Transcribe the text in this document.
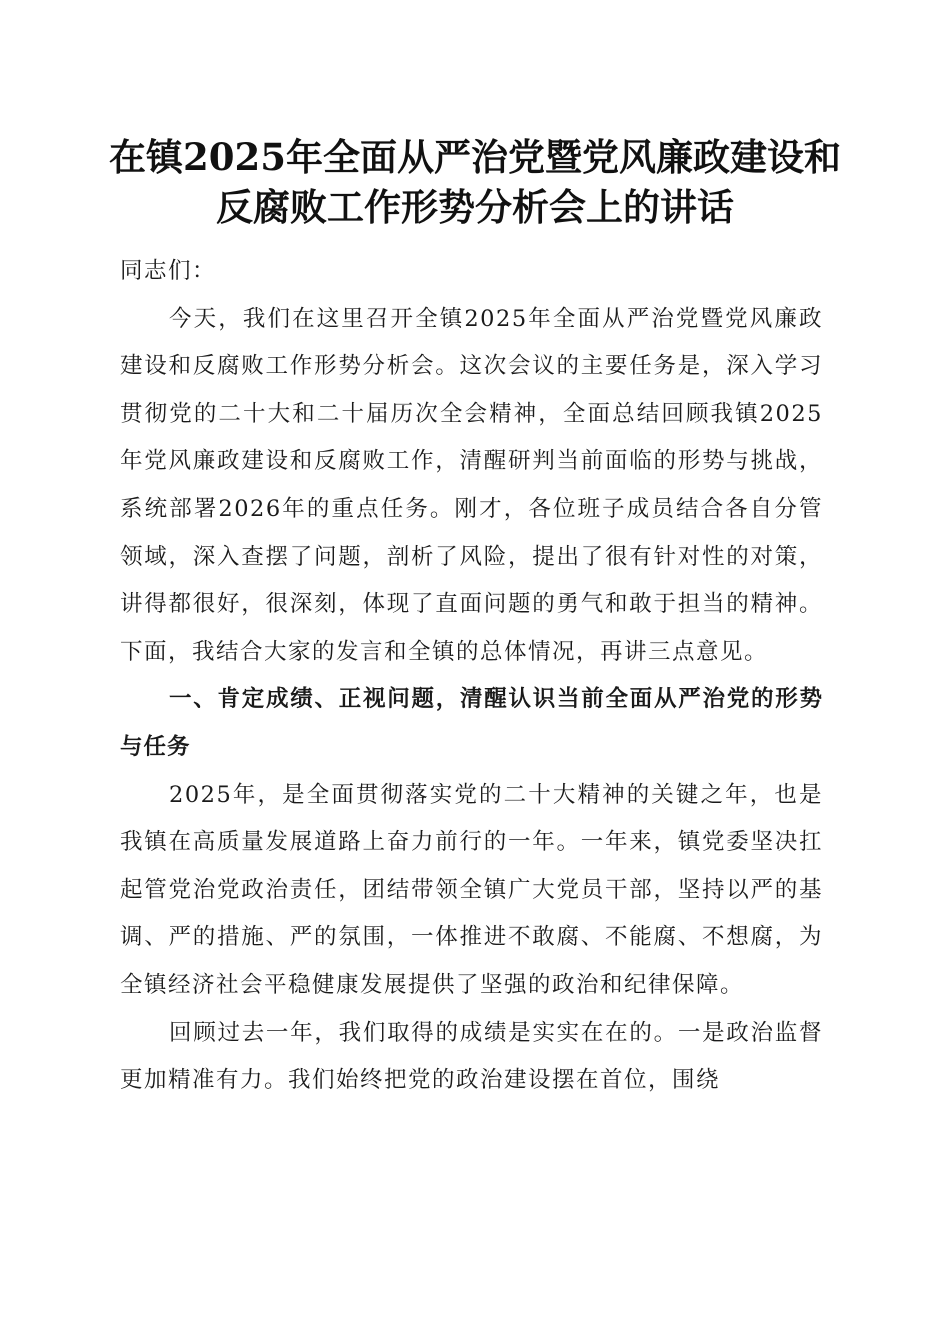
在镇2025年全面从严治党暨党风廉政建设和
反腐败工作形势分析会上的讲话

同志们：

今天，我们在这里召开全镇2025年全面从严治党暨党风廉政建设和反腐败工作形势分析会。这次会议的主要任务是，深入学习贯彻党的二十大和二十届历次全会精神，全面总结回顾我镇2025年党风廉政建设和反腐败工作，清醒研判当前面临的形势与挑战，系统部署2026年的重点任务。刚才，各位班子成员结合各自分管领域，深入查摆了问题，剖析了风险，提出了很有针对性的对策，讲得都很好，很深刻，体现了直面问题的勇气和敢于担当的精神。下面，我结合大家的发言和全镇的总体情况，再讲三点意见。

一、肯定成绩、正视问题，清醒认识当前全面从严治党的形势与任务

2025年，是全面贯彻落实党的二十大精神的关键之年，也是我镇在高质量发展道路上奋力前行的一年。一年来，镇党委坚决扛起管党治党政治责任，团结带领全镇广大党员干部，坚持以严的基调、严的措施、严的氛围，一体推进不敢腐、不能腐、不想腐，为全镇经济社会平稳健康发展提供了坚强的政治和纪律保障。

回顾过去一年，我们取得的成绩是实实在在的。一是政治监督更加精准有力。我们始终把党的政治建设摆在首位，围绕
